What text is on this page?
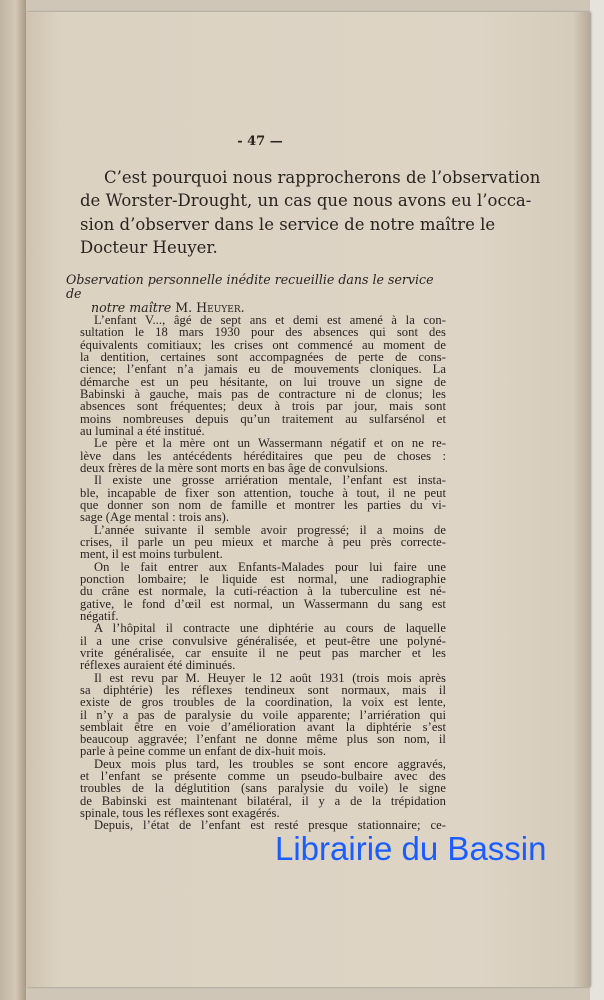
- 47 —
C’est pourquoi nous rapprocherons de l’observation
de Worster-Drought, un cas que nous avons eu l’occa-
sion d’observer dans le service de notre maître le
Docteur Heuyer.
Observation personnelle inédite recueillie dans le service de
notre maître M. Heuyer.
L’enfant V..., âgé de sept ans et demi est amené à la con-
sultation le 18 mars 1930 pour des absences qui sont des
équivalents comitiaux; les crises ont commencé au moment de
la dentition, certaines sont accompagnées de perte de cons-
cience; l’enfant n’a jamais eu de mouvements cloniques. La
démarche est un peu hésitante, on lui trouve un signe de
Babinski à gauche, mais pas de contracture ni de clonus; les
absences sont fréquentes; deux à trois par jour, mais sont
moins nombreuses depuis qu’un traitement au sulfarsénol et
au luminal a été institué.
Le père et la mère ont un Wassermann négatif et on ne re-
lève dans les antécédents héréditaires que peu de choses :
deux frères de la mère sont morts en bas âge de convulsions.
Il existe une grosse arriération mentale, l’enfant est insta-
ble, incapable de fixer son attention, touche à tout, il ne peut
que donner son nom de famille et montrer les parties du vi-
sage (Age mental : trois ans).
L’année suivante il semble avoir progressé; il a moins de
crises, il parle un peu mieux et marche à peu près correcte-
ment, il est moins turbulent.
On le fait entrer aux Enfants-Malades pour lui faire une
ponction lombaire; le liquide est normal, une radiographie
du crâne est normale, la cuti-réaction à la tuberculine est né-
gative, le fond d’œil est normal, un Wassermann du sang est
négatif.
A l’hôpital il contracte une diphtérie au cours de laquelle
il a une crise convulsive généralisée, et peut-être une polyné-
vrite généralisée, car ensuite il ne peut pas marcher et les
réflexes auraient été diminués.
Il est revu par M. Heuyer le 12 août 1931 (trois mois après
sa diphtérie) les réflexes tendineux sont normaux, mais il
existe de gros troubles de la coordination, la voix est lente,
il n’y a pas de paralysie du voile apparente; l’arriération qui
semblait être en voie d’amélioration avant la diphtérie s’est
beaucoup aggravée; l’enfant ne donne même plus son nom, il
parle à peine comme un enfant de dix-huit mois.
Deux mois plus tard, les troubles se sont encore aggravés,
et l’enfant se présente comme un pseudo-bulbaire avec des
troubles de la déglutition (sans paralysie du voile) le signe
de Babinski est maintenant bilatéral, il y a de la trépidation
spinale, tous les réflexes sont exagérés.
Depuis, l’état de l’enfant est resté presque stationnaire; ce-
Librairie du Bassin
